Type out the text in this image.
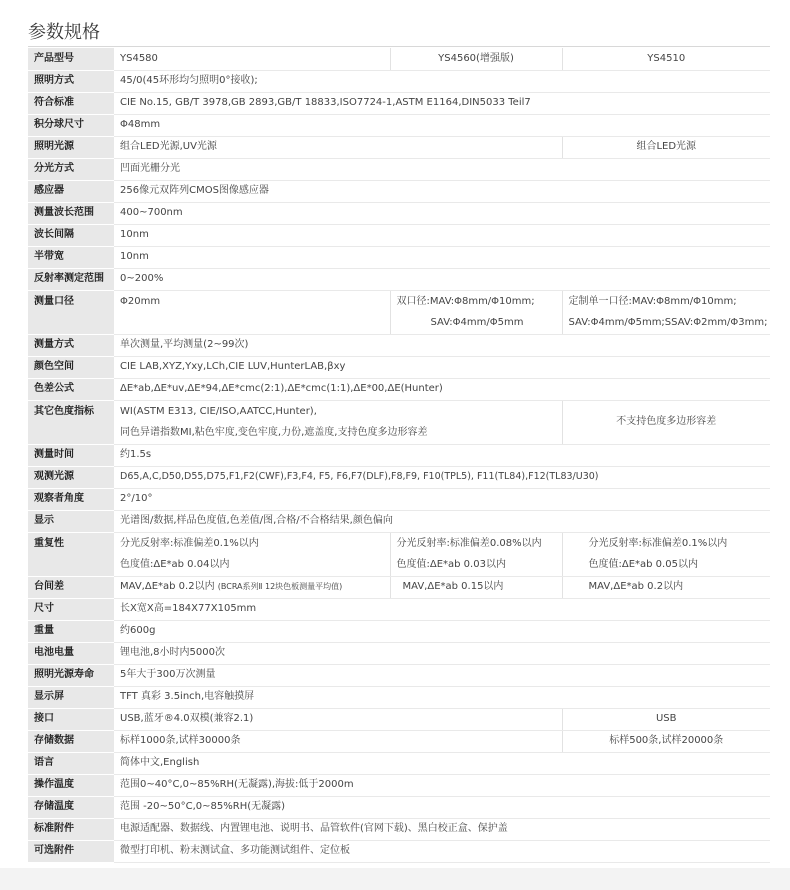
参数规格
产品型号	YS4580	YS4560(增强版)	YS4510
照明方式	45/0(45环形均匀照明0°接收);		
符合标准	CIE No.15, GB/T 3978,GB 2893,GB/T 18833,ISO7724-1,ASTM E1164,DIN5033 Teil7		
积分球尺寸	Φ48mm		
照明光源	组合LED光源,UV光源		组合LED光源
分光方式	凹面光栅分光		
感应器	256像元双阵列CMOS图像感应器		
测量波长范围	400~700nm		
波长间隔	10nm		
半带宽	10nm		
反射率测定范围	0~200%		
测量口径	Φ20mm	双口径:MAV:Φ8mm/Φ10mm;	定制单一口径:MAV:Φ8mm/Φ10mm;
		SAV:Φ4mm/Φ5mm	SAV:Φ4mm/Φ5mm;SSAV:Φ2mm/Φ3mm;
测量方式	单次测量,平均测量(2~99次)		
颜色空间	CIE LAB,XYZ,Yxy,LCh,CIE LUV,HunterLAB,βxy		
色差公式	ΔE*ab,ΔE*uv,ΔE*94,ΔE*cmc(2:1),ΔE*cmc(1:1),ΔE*00,ΔE(Hunter)		
其它色度指标	WI(ASTM E313, CIE/ISO,AATCC,Hunter),		不支持色度多边形容差
	同色异谱指数MI,粘色牢度,变色牢度,力份,遮盖度,支持色度多边形容差		
测量时间	约1.5s		
观测光源	D65,A,C,D50,D55,D75,F1,F2(CWF),F3,F4, F5, F6,F7(DLF),F8,F9, F10(TPL5), F11(TL84),F12(TL83/U30)		
观察者角度	2°/10°		
显示	光谱图/数据,样品色度值,色差值/图,合格/不合格结果,颜色偏向		
重复性	分光反射率:标准偏差0.1%以内	分光反射率:标准偏差0.08%以内	分光反射率:标准偏差0.1%以内
	色度值:ΔE*ab 0.04以内	色度值:ΔE*ab 0.03以内	色度值:ΔE*ab 0.05以内
台间差	MAV,ΔE*ab 0.2以内 (BCRA系列Ⅱ 12块色板测量平均值)	MAV,ΔE*ab 0.15以内	MAV,ΔE*ab 0.2以内
尺寸	长X宽X高=184X77X105mm		
重量	约600g		
电池电量	锂电池,8小时内5000次		
照明光源寿命	5年大于300万次测量		
显示屏	TFT 真彩 3.5inch,电容触摸屏		
接口	USB,蓝牙®4.0双模(兼容2.1)		USB
存储数据	标样1000条,试样30000条		标样500条,试样20000条
语言	简体中文,English		
操作温度	范围0~40°C,0~85%RH(无凝露),海拔:低于2000m		
存储温度	范围 -20~50°C,0~85%RH(无凝露)		
标准附件	电源适配器、数据线、内置锂电池、说明书、品管软件(官网下载)、黑白校正盒、保护盖		
可选附件	微型打印机、粉末测试盒、多功能测试组件、定位板		
